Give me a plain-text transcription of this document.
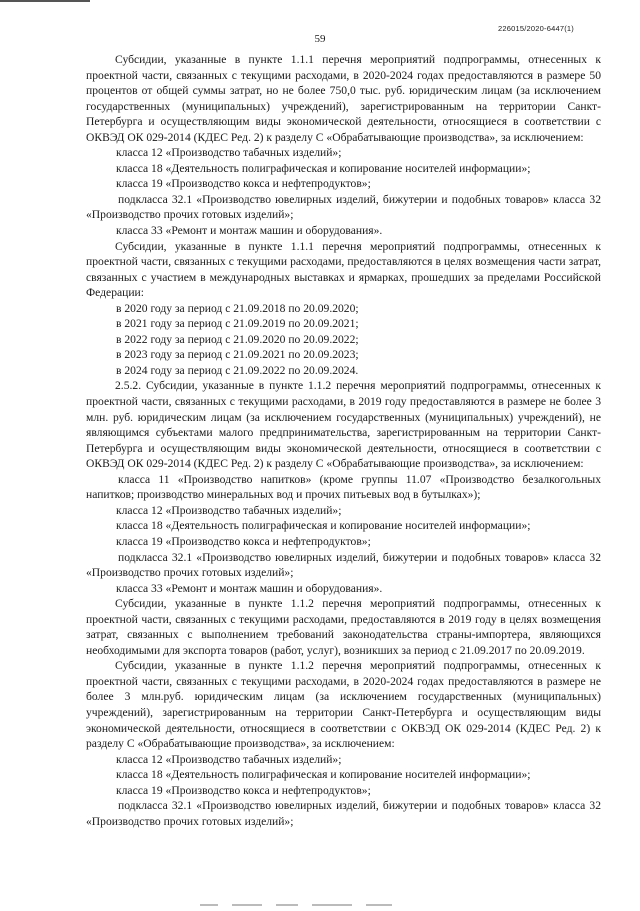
226015/2020-6447(1)
59

Субсидии, указанные в пункте 1.1.1 перечня мероприятий подпрограммы, отнесенных к проектной части, связанных с текущими расходами, в 2020-2024 годах предоставляются в размере 50 процентов от общей суммы затрат, но не более 750,0 тыс. руб. юридическим лицам (за исключением государственных (муниципальных) учреждений), зарегистрированным на территории Санкт-Петербурга и осуществляющим виды экономической деятельности, относящиеся в соответствии с ОКВЭД ОК 029-2014 (КДЕС Ред. 2) к разделу С «Обрабатывающие производства», за исключением:

класса 12 «Производство табачных изделий»;

класса 18 «Деятельность полиграфическая и копирование носителей информации»;

класса 19 «Производство кокса и нефтепродуктов»;

подкласса 32.1 «Производство ювелирных изделий, бижутерии и подобных товаров» класса 32 «Производство прочих готовых изделий»;

класса 33 «Ремонт и монтаж машин и оборудования».

Субсидии, указанные в пункте 1.1.1 перечня мероприятий подпрограммы, отнесенных к проектной части, связанных с текущими расходами, предоставляются в целях возмещения части затрат, связанных с участием в международных выставках и ярмарках, прошедших за пределами Российской Федерации:

в 2020 году за период с 21.09.2018 по 20.09.2020;

в 2021 году за период с 21.09.2019 по 20.09.2021;

в 2022 году за период с 21.09.2020 по 20.09.2022;

в 2023 году за период с 21.09.2021 по 20.09.2023;

в 2024 году за период с 21.09.2022 по 20.09.2024.

2.5.2. Субсидии, указанные в пункте 1.1.2 перечня мероприятий подпрограммы, отнесенных к проектной части, связанных с текущими расходами, в 2019 году предоставляются в размере не более 3 млн. руб. юридическим лицам (за исключением государственных (муниципальных) учреждений), не являющимся субъектами малого предпринимательства, зарегистрированным на территории Санкт-Петербурга и осуществляющим виды экономической деятельности, относящиеся в соответствии с ОКВЭД ОК 029-2014 (КДЕС Ред. 2) к разделу С «Обрабатывающие производства», за исключением:

класса 11 «Производство напитков» (кроме группы 11.07 «Производство безалкогольных напитков; производство минеральных вод и прочих питьевых вод в бутылках»);

класса 12 «Производство табачных изделий»;

класса 18 «Деятельность полиграфическая и копирование носителей информации»;

класса 19 «Производство кокса и нефтепродуктов»;

подкласса 32.1 «Производство ювелирных изделий, бижутерии и подобных товаров» класса 32 «Производство прочих готовых изделий»;

класса 33 «Ремонт и монтаж машин и оборудования».

Субсидии, указанные в пункте 1.1.2 перечня мероприятий подпрограммы, отнесенных к проектной части, связанных с текущими расходами, предоставляются в 2019 году в целях возмещения затрат, связанных с выполнением требований законодательства страны-импортера, являющихся необходимыми для экспорта товаров (работ, услуг), возникших за период с 21.09.2017 по 20.09.2019.

Субсидии, указанные в пункте 1.1.2 перечня мероприятий подпрограммы, отнесенных к проектной части, связанных с текущими расходами, в 2020-2024 годах предоставляются в размере не более 3 млн.руб. юридическим лицам (за исключением государственных (муниципальных) учреждений), зарегистрированным на территории Санкт-Петербурга и осуществляющим виды экономической деятельности, относящиеся в соответствии с ОКВЭД ОК 029-2014 (КДЕС Ред. 2) к разделу С «Обрабатывающие производства», за исключением:

класса 12 «Производство табачных изделий»;

класса 18 «Деятельность полиграфическая и копирование носителей информации»;

класса 19 «Производство кокса и нефтепродуктов»;

подкласса 32.1 «Производство ювелирных изделий, бижутерии и подобных товаров» класса 32 «Производство прочих готовых изделий»;
